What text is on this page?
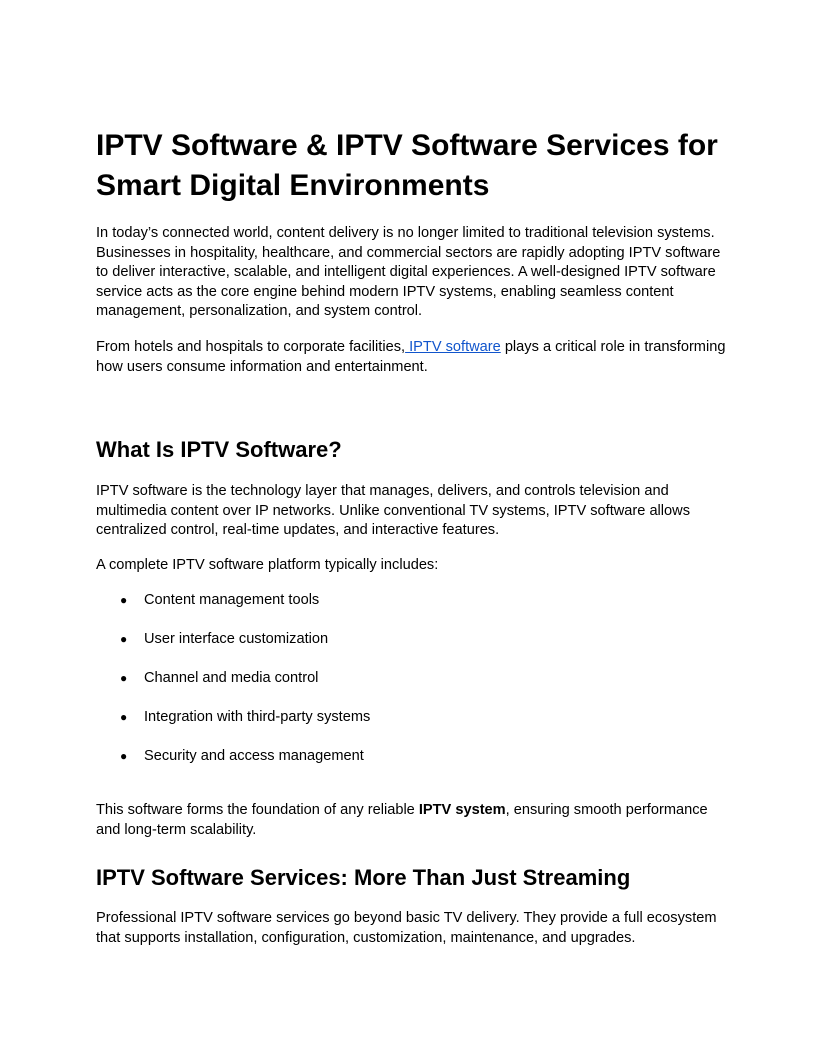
IPTV Software & IPTV Software Services for Smart Digital Environments

In today’s connected world, content delivery is no longer limited to traditional television systems. Businesses in hospitality, healthcare, and commercial sectors are rapidly adopting IPTV software to deliver interactive, scalable, and intelligent digital experiences. A well-designed IPTV software service acts as the core engine behind modern IPTV systems, enabling seamless content management, personalization, and system control.

From hotels and hospitals to corporate facilities, IPTV software plays a critical role in transforming how users consume information and entertainment.

What Is IPTV Software?

IPTV software is the technology layer that manages, delivers, and controls television and multimedia content over IP networks. Unlike conventional TV systems, IPTV software allows centralized control, real-time updates, and interactive features.

A complete IPTV software platform typically includes:

● Content management tools
● User interface customization
● Channel and media control
● Integration with third-party systems
● Security and access management

This software forms the foundation of any reliable IPTV system, ensuring smooth performance and long-term scalability.

IPTV Software Services: More Than Just Streaming

Professional IPTV software services go beyond basic TV delivery. They provide a full ecosystem that supports installation, configuration, customization, maintenance, and upgrades.
